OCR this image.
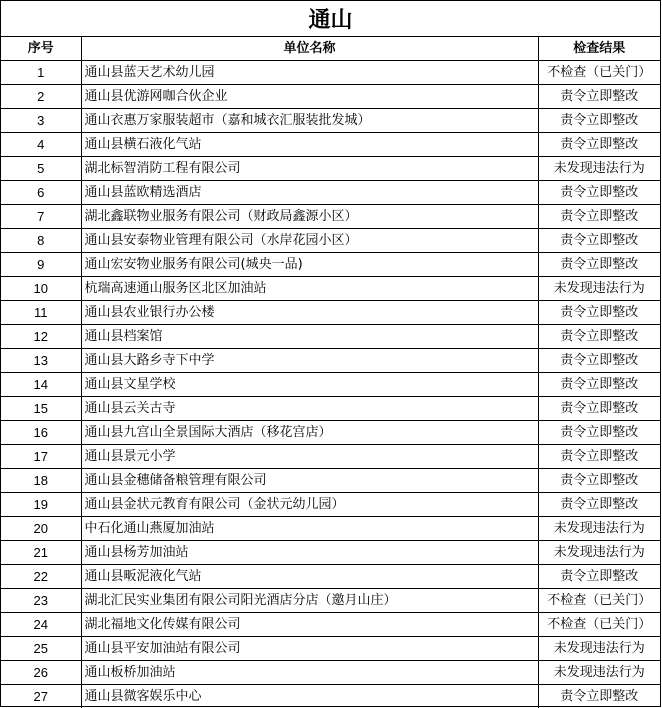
通山
序号	单位名称	检查结果
1	通山县蓝天艺术幼儿园	不检查（已关门）
2	通山县优游网咖合伙企业	责令立即整改
3	通山衣惠万家服装超市（嘉和城衣汇服装批发城）	责令立即整改
4	通山县横石液化气站	责令立即整改
5	湖北标智消防工程有限公司	未发现违法行为
6	通山县蓝欧精选酒店	责令立即整改
7	湖北鑫联物业服务有限公司（财政局鑫源小区）	责令立即整改
8	通山县安泰物业管理有限公司（水岸花园小区）	责令立即整改
9	通山宏安物业服务有限公司(城央一品)	责令立即整改
10	杭瑞高速通山服务区北区加油站	未发现违法行为
11	通山县农业银行办公楼	责令立即整改
12	通山县档案馆	责令立即整改
13	通山县大路乡寺下中学	责令立即整改
14	通山县文星学校	责令立即整改
15	通山县云关古寺	责令立即整改
16	通山县九宫山全景国际大酒店（移花宫店）	责令立即整改
17	通山县景元小学	责令立即整改
18	通山县金穗储备粮管理有限公司	责令立即整改
19	通山县金状元教育有限公司（金状元幼儿园）	责令立即整改
20	中石化通山燕厦加油站	未发现违法行为
21	通山县杨芳加油站	未发现违法行为
22	通山县畈泥液化气站	责令立即整改
23	湖北汇民实业集团有限公司阳光酒店分店（邀月山庄）	不检查（已关门）
24	湖北福地文化传媒有限公司	不检查（已关门）
25	通山县平安加油站有限公司	未发现违法行为
26	通山板桥加油站	未发现违法行为
27	通山县微客娱乐中心	责令立即整改
